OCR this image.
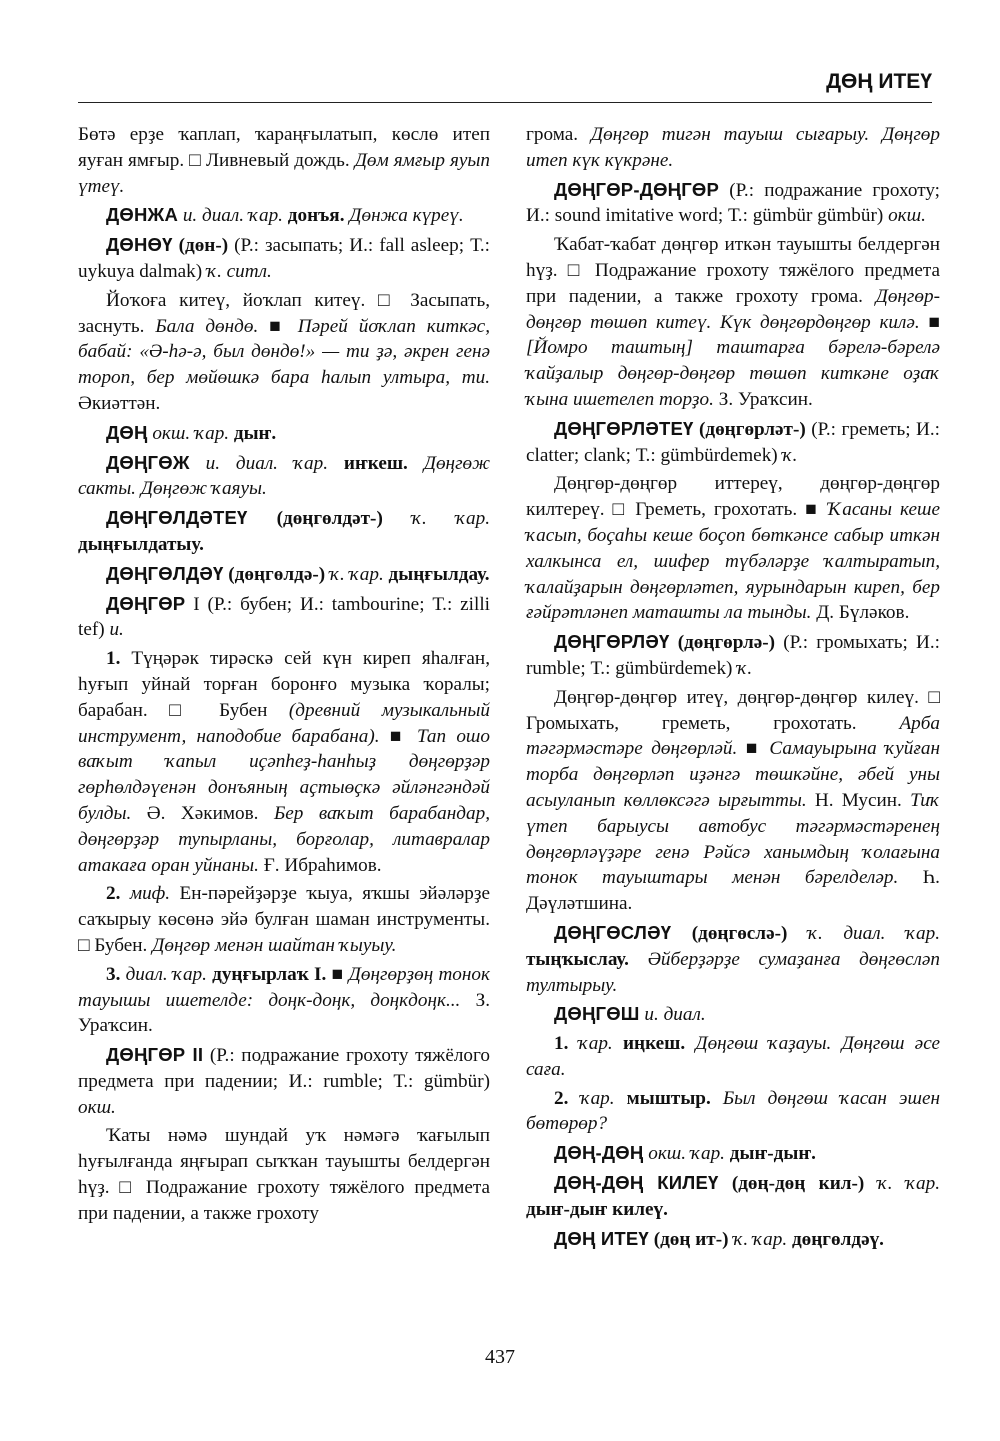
ДӨҢ ИТЕҮ

Бөтә ерҙе ҡаплап, ҡараңғылатып, көслө итеп яуған ямғыр. □ Ливневый дождь. Дөм ямғыр яуып үтеү.

ДӨНЖА и. диал. ҡар. донъя. Дөнжа күреү.

ДӨНӨҮ (дөн-) (Р.: засыпать; И.: fall asleep; Т.: uykuya dalmak) ҡ. ситл.

Йоҡоға китеү, йоҡлап китеү. □ Засыпать, заснуть. Бала дөндө. ■ Пәрей йоҡлап киткәс, бабай: «Ә-һә-ә, был дөндө!» — ти ҙә, әкрен генә тороп, бер мөйөшкә бара һалып ултыра, ти. Әкиәттән.

ДӨҢ окш. ҡар. дыҥ.

ДӨҢГӨЖ и. диал. ҡар. иҥкеш. Дөңгөж сакты. Дөңгөж ҡаяуы.

ДӨҢГӨЛДӘТЕҮ (дөңгөлдәт-) ҡ. ҡар. дыңғылдатыу.

ДӨҢГӨЛДӘҮ (дөңгөлдә-) ҡ. ҡар. дыңғылдау.

ДӨҢГӨР I (Р.: бубен; И.: tambourine; Т.: zilli tef) и.

1. Түңәрәк тирәскә сей күн киреп яһалған, һуғып уйнай торған боронғо музыка ҡоралы; барабан. □ Бубен (древний музыкальный инструмент, наподобие барабана). ■ Тап ошо ваҡыт ҡапыл иҫәпһеҙ-һанһыҙ дөңгөрҙәр гөрһөлдәүенән донъяның аҫтыөҫкә әйләнгәндәй булды. Ә. Хәкимов. Бер ваҡыт барабандар, дөңгөрҙәр тупырланы, борғолар, литавралар атакаға оран уйнаны. Ғ. Ибраһимов.

2. миф. Ен-пәрейҙәрҙе ҡыуа, яҡшы эйәләрҙе саҡырыу көсөнә эйә булған шаман инструменты. □ Бубен. Дөңгөр менән шайтан ҡыуыу.

3. диал. ҡар. дуңғырлаҡ I. ■ Дөңгөрҙөң тонок тауышы ишетелде: доңк-доңк, доңкдоңк... З. Ураҡсин.

ДӨҢГӨР II (Р.: подражание грохоту тяжёлого предмета при падении; И.: rumble; Т.: gümbür) окш.

Ҡаты нәмә шундай уҡ нәмәгә ҡағылып һуғылғанда яңғырап сыҡҡан тауышты белдергән һүҙ. □ Подражание грохоту тяжёлого предмета при падении, а также грохоту

грома. Дөңгөр тигән тауыш сығарыу. Дөңгөр итеп күк күкрәне.

ДӨҢГӨР-ДӨҢГӨР (Р.: подражание грохоту; И.: sound imitative word; Т.: gümbür gümbür) окш.

Ҡабат-ҡабат дөңгөр иткән тауышты белдергән һүҙ. □ Подражание грохоту тяжёлого предмета при падении, а также грохоту грома. Дөңгөр-дөңгөр төшөп китеү. Күк дөңгөрдөңгөр килә. ■ [Йомро таштың] таштарға бәрелә-бәрелә ҡайҙалыр дөңгөр-дөңгөр төшөп киткәне оҙаҡ ҡына ишетелеп торҙо. З. Ураҡсин.

ДӨҢГӨРЛӘТЕҮ (дөңгөрләт-) (Р.: греметь; И.: clatter; clank; Т.: gümbürdemek) ҡ.

Дөңгөр-дөңгөр иттереү, дөңгөр-дөңгөр килтереү. □ Греметь, грохотать. ■ Ҡасаны кеше ҡасып, боҫаһы кеше боҫоп бөткәнсе сабыр иткән халкынса ел, шифер түбәләрҙе ҡалтыратып, ҡалайҙарын дөңгөрләтеп, яурындарын киреп, бер ғәйрәтләнеп маташты ла тынды. Д. Бүләков.

ДӨҢГӨРЛӘҮ (дөңгөрлә-) (Р.: громыхать; И.: rumble; Т.: gümbürdemek) ҡ.

Дөңгөр-дөңгөр итеү, дөңгөр-дөңгөр килеү. □ Громыхать, греметь, грохотать. Арба тәгәрмәстәре дөңгөрләй. ■ Самауырына ҡуйған торба дөңгөрләп иҙәнгә төшкәйне, әбей уны асыуланып көллөксәгә ырғытты. Н. Мусин. Тиҡ үтеп барыусы автобус тәгәрмәстәренең дөңгөрләүҙәре генә Рәйсә ханымдың ҡолағына тонок тауыштары менән бәрелделәр. Һ. Дәүләтшина.

ДӨҢГӨСЛӘҮ (дөңгөслә-) ҡ. диал. ҡар. тыңҡыслау. Әйберҙәрҙе сумаҙанға дөңгөсләп тултырыу.

ДӨҢГӨШ и. диал.

1. ҡар. иңкеш. Дөңгөш ҡаҙауы. Дөңгөш әсе саға.

2. ҡар. мыштыр. Был дөңгөш ҡасан эшен бөтөрөр?

ДӨҢ-ДӨҢ окш. ҡар. дыҥ-дыҥ.

ДӨҢ-ДӨҢ КИЛЕҮ (дөң-дөң кил-) ҡ. ҡар. дыҥ-дыҥ килеү.

ДӨҢ ИТЕҮ (дөң ит-) ҡ. ҡар. дөңгөлдәү.

437
